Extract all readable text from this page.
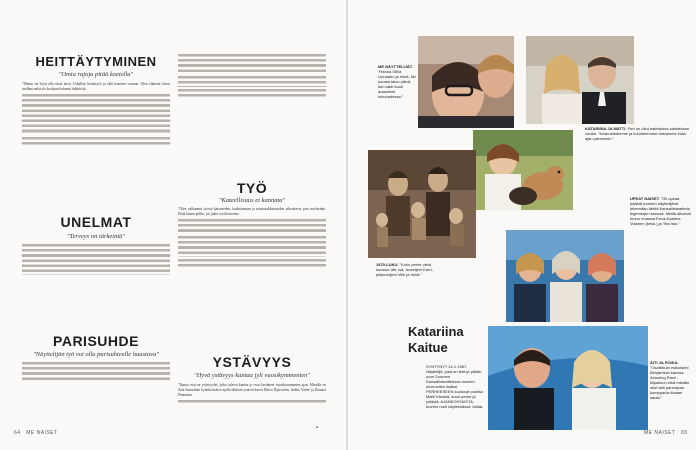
HEITTÄYTYMINEN
"Omia rajoja pitää koetella"

"Minun on hyvä olla tässä iässä. Uskallan heittäytyä ja elää haasteet vastaan. Olen elämäni kiitos urallani enkä ole koskaan kokenut ikäkriisiä.

UNELMAT
"Terveys on tärkeintä"

PARISUHDE
"Näyttelijän työ voi olla parisuhteelle haastava"

TYÖ
"Kateellisuus ei kannata"

"Olen valkannut työssä katsoneden, kadottamaan ja mustasukkaisuuden aiheuttavat pois mielestäni. Pitää kuuna pellin, jos juket rooliin menee.

YSTÄVYYS
"Hyvä ystävyys kantaa jyli vuosikymmenien"

"Ihania ovat ne ystävyydet, jotka tulevat kantaa jo ovat kestäneet vuosikymmenten ajan. Minulla on Aira Samulinin kyntökokohen ajalla läheisiä ystäviä kuten Marco Bjurström, Jarkko Valtee ja Donatta Pennanen.

64 ME NAISET
▪
ME NÄYTTELIJÄT. "Hanna Ollila Linnaaho ja minä, itki koosta talon päivä, kun lakki kuuli aulaoimet tuimuudessa."
KATARIINA JA MATTI. Pari on ollut naimisissa kahdeksan vuotta. "Keskustelemme ja kuuntelemme toisiamme koko ajan paremmin."
1970-LUKU. "Koko perhe vielä koossa: äiti, isä, isoveljeni Karri, pikkuveljeni Ville ja minä."
UPEAT NAISET. "Oli upeaa päästä tuoreen näyttelijänä tekemään tähtiä Kansallisteatterin legendojen kanssa. Meillä alkoivat muun muassa Eeva-Kaarina Volanen (kesk.) ja Tea Ista."
Katariina
Kaitue
SYNTYNYT 21.1.1967. Näyttelijä, joka on tehnyt pitkän uran Suomen Kansallisteatterissa monien sivuroolien lisäksi. PERHEESEEN kuuluvat puoliso Matti Vänskä, suuri perhe ja ystäviä. AJANKOHTAISTA: tuorein rooli näytelmässä Juhlat.
ÄITI JA POIKA. "Osallistuin esikoiseni Benjaminin kanssa Amazing Race -kilpailuun eikä mikään ollut sitä parempaa kumppania kisaan sauta."
ME NAISET 65
